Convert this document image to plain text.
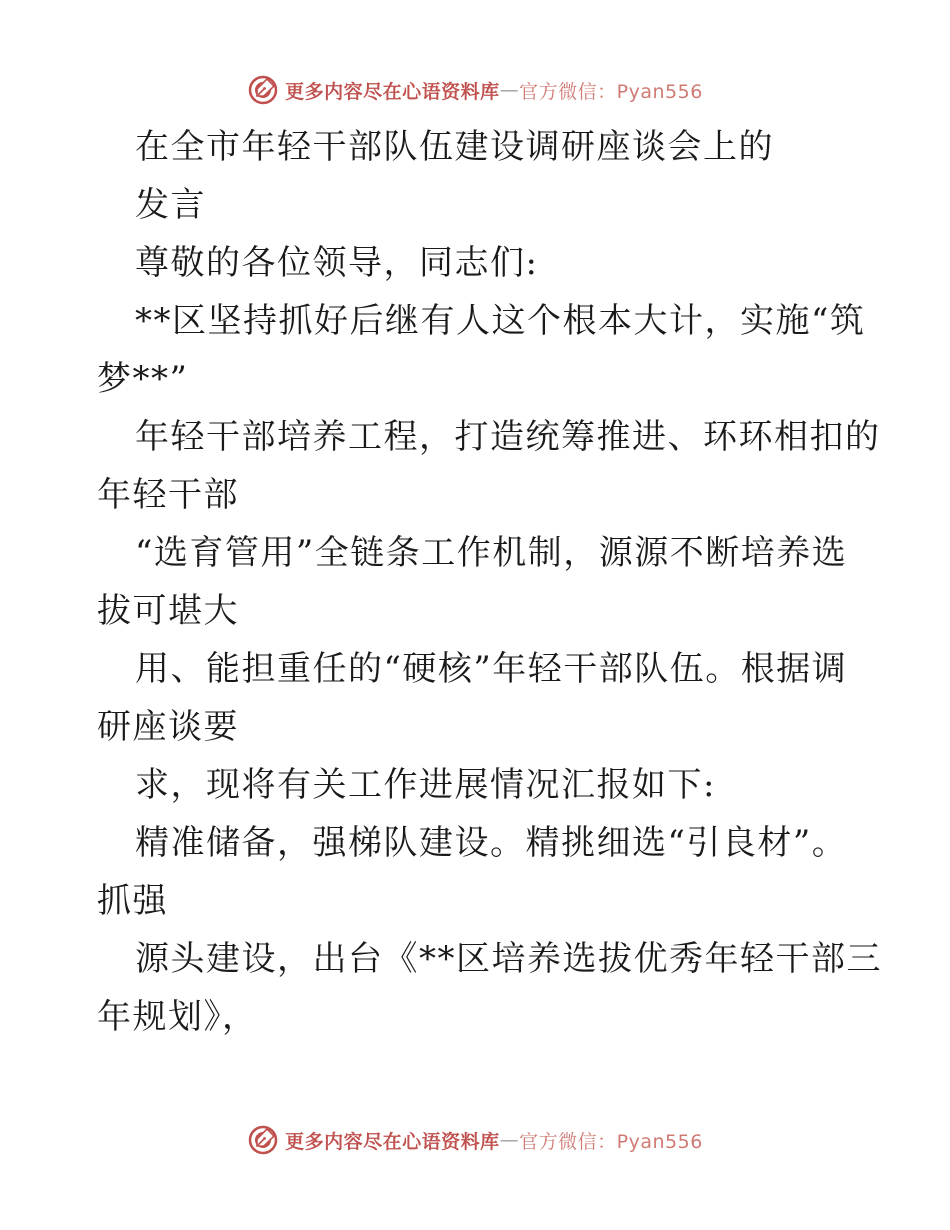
更多内容尽在心语资料库 — 官方微信：Pyan556
在全市年轻干部队伍建设调研座谈会上的
发言
尊敬的各位领导，同志们:
**区坚持抓好后继有人这个根本大计，实施“筑
梦**”
年轻干部培养工程，打造统筹推进、环环相扣的
年轻干部
“选育管用”全链条工作机制，源源不断培养选
拔可堪大
用、能担重任的“硬核”年轻干部队伍。根据调
研座谈要
求，现将有关工作进展情况汇报如下:
精准储备，强梯队建设。精挑细选“引良材”。
抓强
源头建设，出台《**区培养选拔优秀年轻干部三
年规划》，
更多内容尽在心语资料库 — 官方微信：Pyan556
